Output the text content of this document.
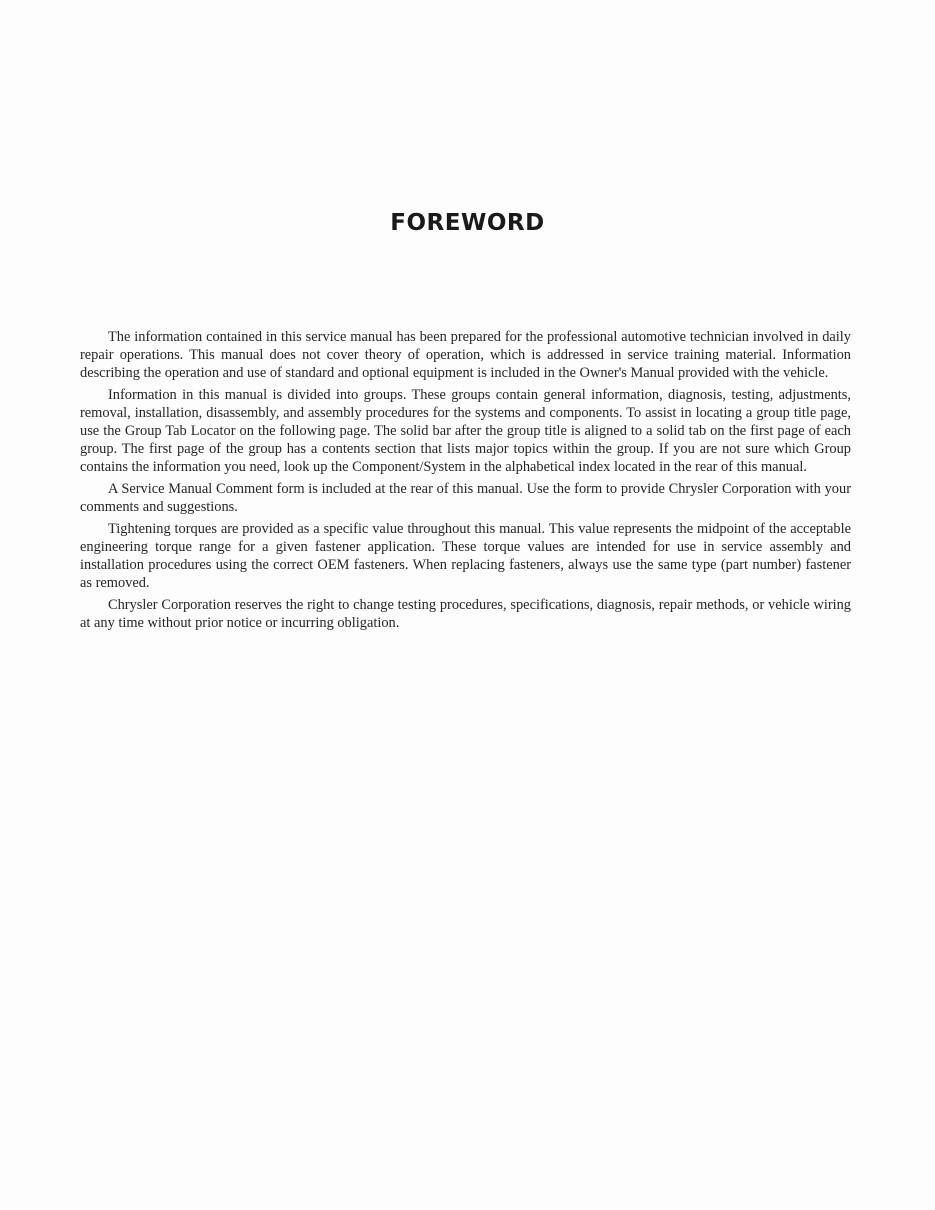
FOREWORD

The information contained in this service manual has been prepared for the professional automotive technician involved in daily repair operations. This manual does not cover theory of operation, which is addressed in service training material. Information describing the operation and use of standard and optional equipment is included in the Owner's Manual provided with the vehicle.

Information in this manual is divided into groups. These groups contain general information, diagnosis, testing, adjustments, removal, installation, disassembly, and assembly procedures for the systems and components. To assist in locating a group title page, use the Group Tab Locator on the following page. The solid bar after the group title is aligned to a solid tab on the first page of each group. The first page of the group has a contents section that lists major topics within the group. If you are not sure which Group contains the information you need, look up the Component/System in the alphabetical index located in the rear of this manual.

A Service Manual Comment form is included at the rear of this manual. Use the form to provide Chrysler Corporation with your comments and suggestions.

Tightening torques are provided as a specific value throughout this manual. This value represents the midpoint of the acceptable engineering torque range for a given fastener application. These torque values are intended for use in service assembly and installation procedures using the correct OEM fasteners. When replacing fasteners, always use the same type (part number) fastener as removed.

Chrysler Corporation reserves the right to change testing procedures, specifications, diagnosis, repair methods, or vehicle wiring at any time without prior notice or incurring obligation.
